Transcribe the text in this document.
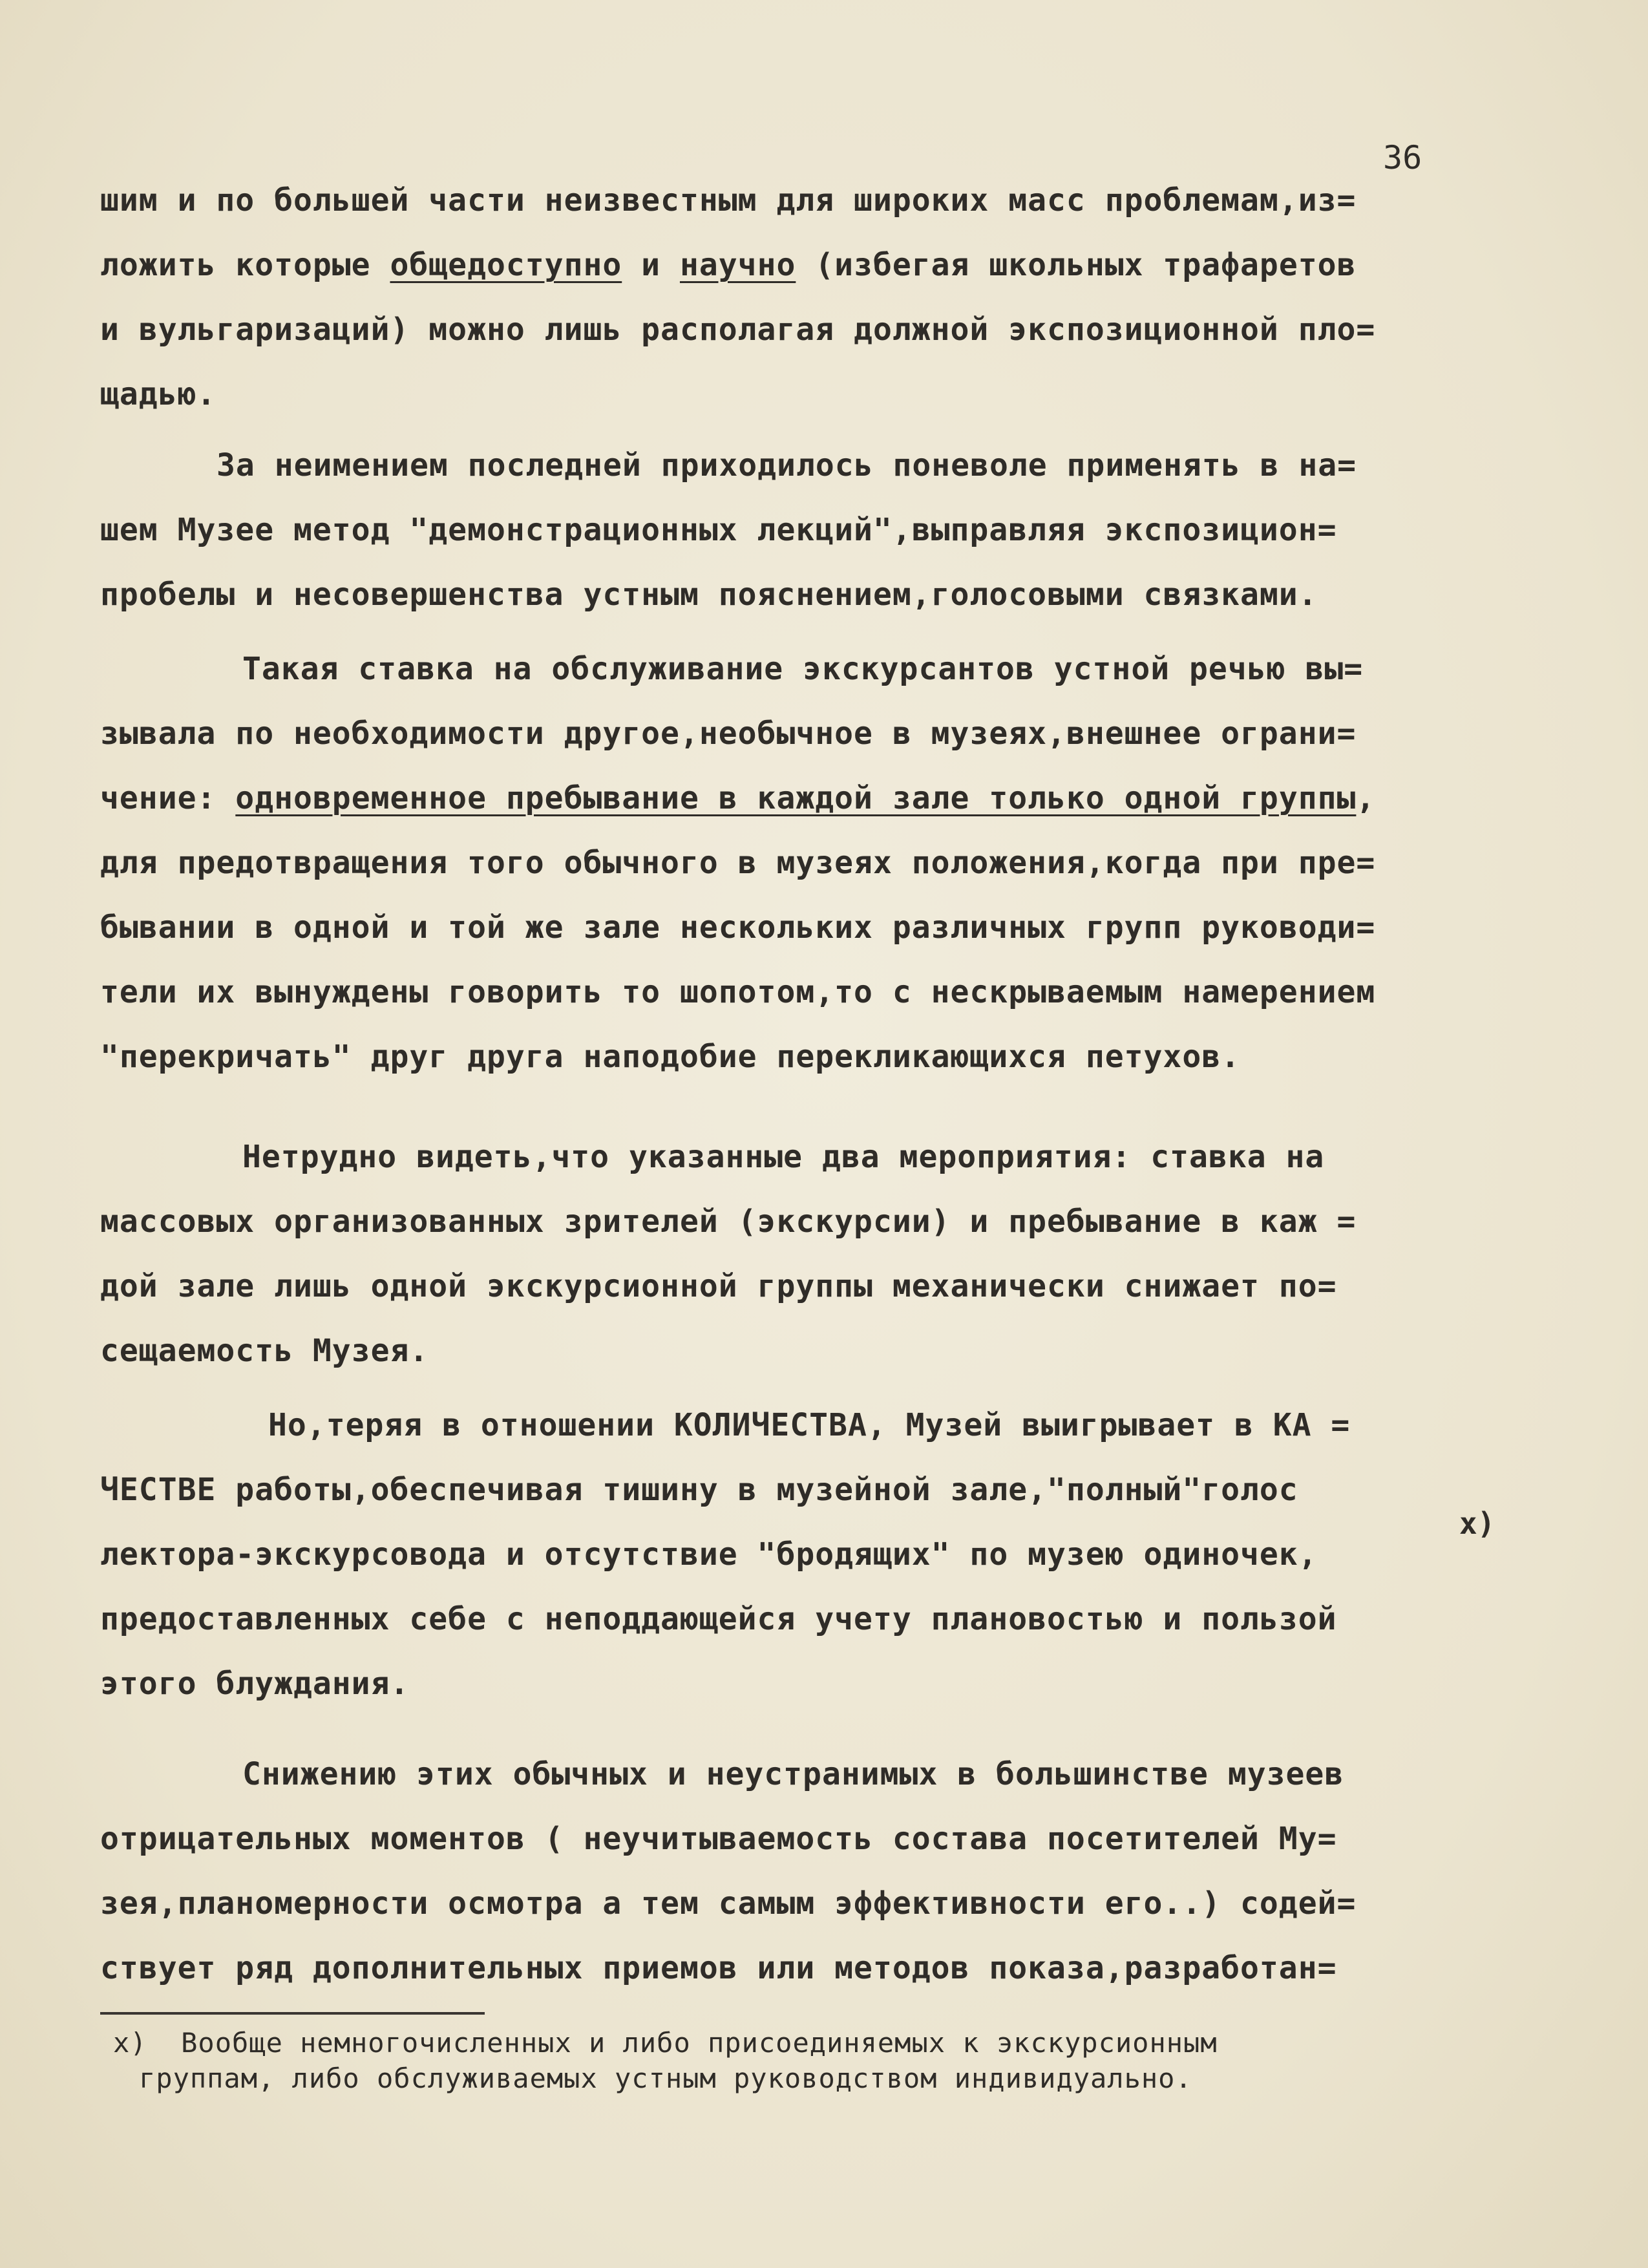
36
шим и по большей части неизвестным для широких масс проблемам,из=
ложить которые общедоступно и научно (избегая школьных трафаретов
и вульгаризаций) можно лишь располагая должной экспозиционной пло=
щадью.
За неимением последней приходилось поневоле применять в на=
шем Музее метод "демонстрационных лекций",выправляя экспозицион=
пробелы и несовершенства устным пояснением,голосовыми связками.
Такая ставка на обслуживание экскурсантов устной речью вы=
зывала по необходимости другое,необычное в музеях,внешнее ограни=
чение: одновременное пребывание в каждой зале только одной группы,
для предотвращения того обычного в музеях положения,когда при пре=
бывании в одной и той же зале нескольких различных групп руководи=
тели их вынуждены говорить то шопотом,то с нескрываемым намерением
"перекричать" друг друга наподобие перекликающихся петухов.
Нетрудно видеть,что указанные два мероприятия: ставка на
массовых организованных зрителей (экскурсии) и пребывание в каж =
дой зале лишь одной экскурсионной группы механически снижает по=
сещаемость Музея.
Но,теряя в отношении КОЛИЧЕСТВА, Музей выигрывает в КА =
ЧЕСТВЕ работы,обеспечивая тишину в музейной зале,"полный"голос
лектора-экскурсовода и отсутствие "бродящих" по музею одиночек,
предоставленных себе с неподдающейся учету плановостью и пользой
этого блуждания.
Снижению этих обычных и неустранимых в большинстве музеев
отрицательных моментов ( неучитываемость состава посетителей Му=
зея,планомерности осмотра а тем самым эффективности его..) содей=
ствует ряд дополнительных приемов или методов показа,разработан=
x)
x)  Вообще немногочисленных и либо присоединяемых к экскурсионным
группам, либо обслуживаемых устным руководством индивидуально.
